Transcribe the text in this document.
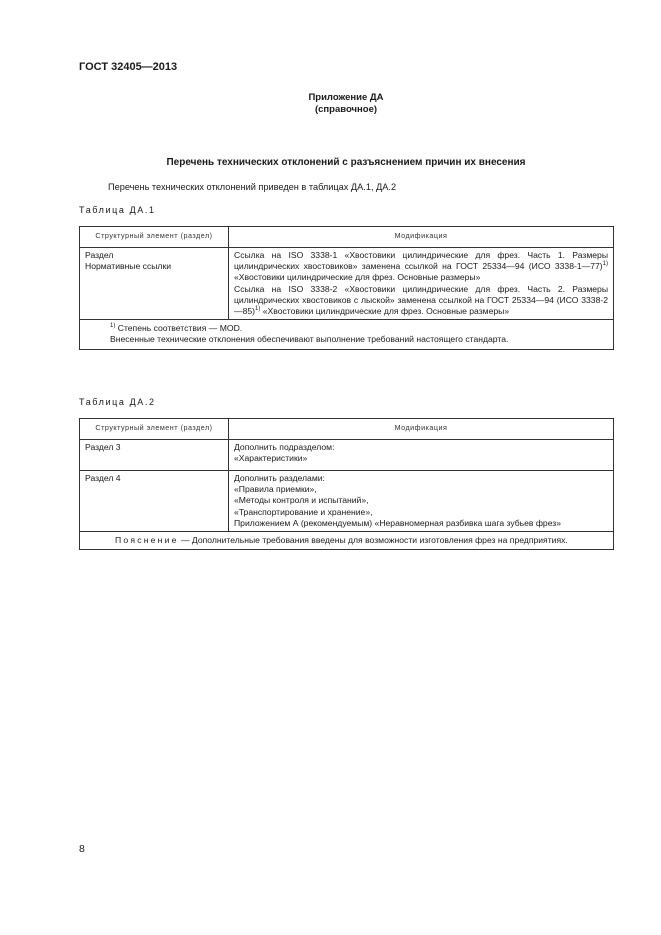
ГОСТ 32405—2013
Приложение ДА
(справочное)
Перечень технических отклонений с разъяснением причин их внесения
Перечень технических отклонений приведен в таблицах ДА.1, ДА.2
Таблица ДА.1
Структурный элемент (раздел)	Модификация

Раздел
Нормативные ссылки	Ссылка на ISO 3338-1 «Хвостовики цилиндрические для фрез. Часть 1. Размеры цилиндрических хвостовиков» заменена ссылкой на ГОСТ 25334—94 (ИСО 3338-1—77)$^{1)}$ «Хвостовики цилиндрические для фрез. Основные размеры»
Ссылка на ISO 3338-2 «Хвостовики цилиндрические для фрез. Часть 2. Размеры цилиндрических хвостовиков с лыской» заменена ссылкой на ГОСТ 25334—94 (ИСО 3338-2—85)$^{1)}$ «Хвостовики цилиндрические для фрез. Основные размеры»

$^{1)}$ Степень соответствия — MOD.
Внесенные технические отклонения обеспечивают выполнение требований настоящего стандарта.	
Таблица ДА.2
Структурный элемент (раздел)	Модификация
Раздел 3	Дополнить подразделом:
«Характеристики»

Раздел 4	Дополнить разделами:
«Правила приемки»,
«Методы контроля и испытаний»,
«Транспортирование и хранение»,
Приложением А (рекомендуемым) «Неравномерная разбивка шага зубьев фрез»

Пояснение — Дополнительные требования введены для возможности изготовления фрез на предприятиях.	
8
